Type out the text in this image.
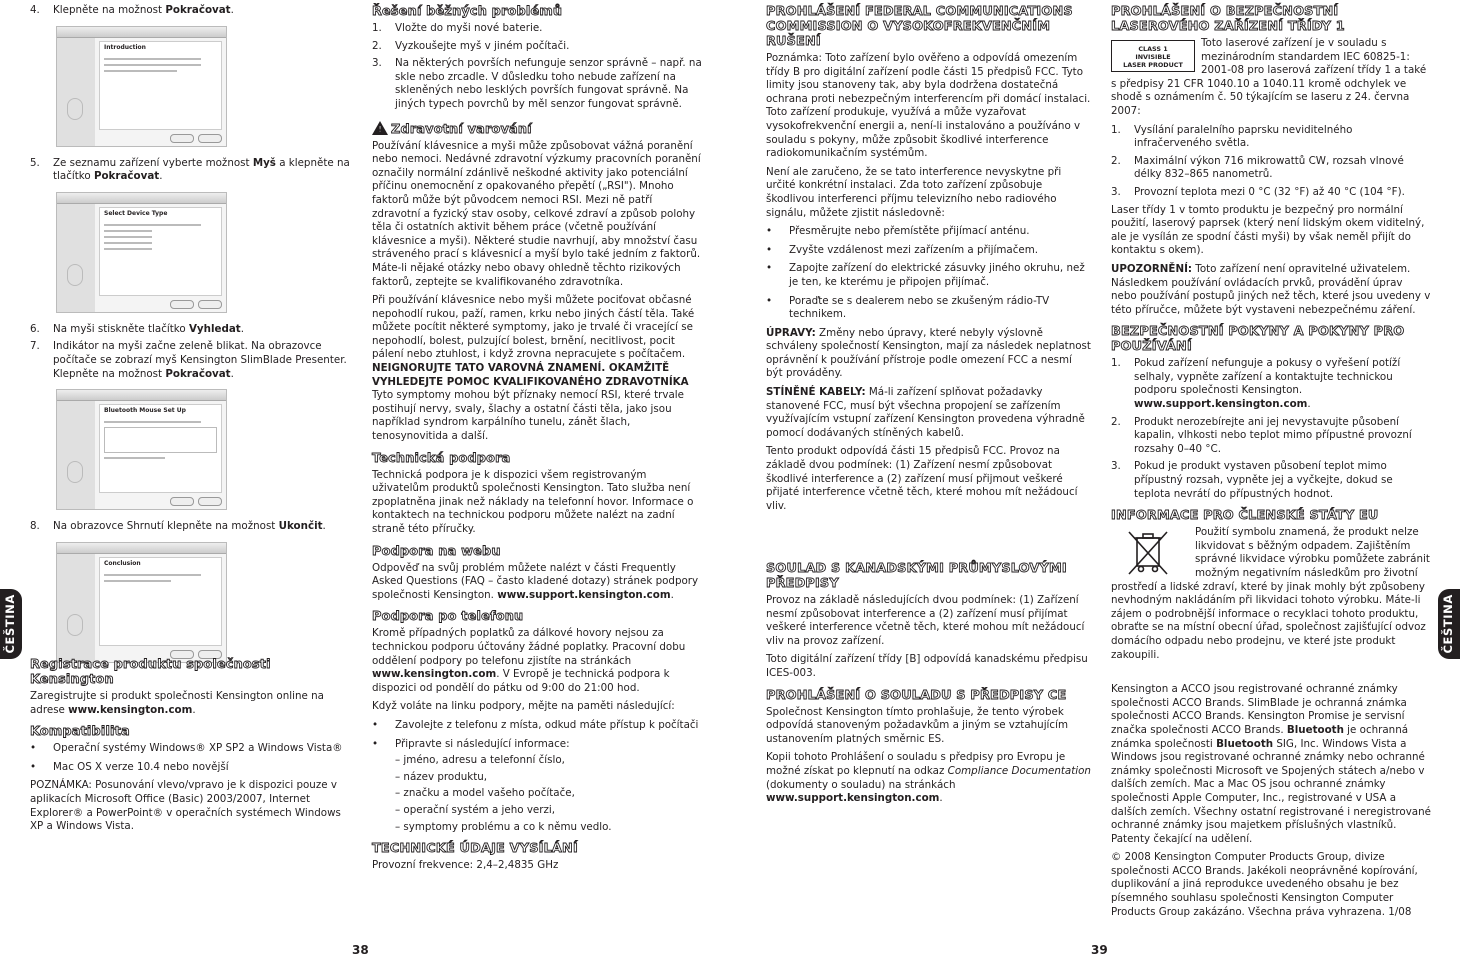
4.	Klepněte na možnost Pokračovat.
Introduction
5.	Ze seznamu zařízení vyberte možnost Myš a klepněte na tlačítko Pokračovat.
Select Device Type
6.	Na myši stiskněte tlačítko Vyhledat.
7.	Indikátor na myši začne zeleně blikat. Na obrazovce počítače se zobrazí myš Kensington SlimBlade Presenter. Klepněte na možnost Pokračovat.
Bluetooth Mouse Set Up
8.	Na obrazovce Shrnutí klepněte na možnost Ukončit.
Conclusion
Registrace produktu společnosti Kensington

Zaregistrujte si produkt společnosti Kensington online na adrese www.kensington.com.

Kompatibilita
•	Operační systémy Windows® XP SP2 a Windows Vista®
•	Mac OS X verze 10.4 nebo novější

POZNÁMKA: Posunování vlevo/vpravo je k dispozici pouze v aplikacích Microsoft Office (Basic) 2003/2007, Internet Explorer® a PowerPoint® v operačních systémech Windows XP a Windows Vista.

Řešení běžných problémů
1.	Vložte do myši nové baterie.
2.	Vyzkoušejte myš v jiném počítači.
3.	Na některých površích nefunguje senzor správně – např. na skle nebo zrcadle. V důsledku toho nebude zařízení na skleněných nebo lesklých površích fungovat správně. Na jiných typech povrchů by měl senzor fungovat správně.
!Zdravotní varování

Používání klávesnice a myši může způsobovat vážná poranění nebo nemoci. Nedávné zdravotní výzkumy pracovních poranění označily normální zdánlivě neškodné aktivity jako potenciální příčinu onemocnění z opakovaného přepětí („RSI"). Mnoho faktorů může být původcem nemoci RSI. Mezi ně patří zdravotní a fyzický stav osoby, celkové zdraví a způsob polohy těla či ostatních aktivit během práce (včetně používání klávesnice a myši). Některé studie navrhují, aby množství času stráveného prací s klávesnicí a myší bylo také jedním z faktorů. Máte-li nějaké otázky nebo obavy ohledně těchto rizikových faktorů, zeptejte se kvalifikovaného zdravotníka.

Při používání klávesnice nebo myši můžete pociťovat občasné nepohodlí rukou, paží, ramen, krku nebo jiných částí těla. Také můžete pocítit některé symptomy, jako je trvalé či vracející se nepohodlí, bolest, pulzující bolest, brnění, necitlivost, pocit pálení nebo ztuhlost, i když zrovna nepracujete s počítačem. NEIGNORUJTE TATO VAROVNÁ ZNAMENÍ. OKAMŽITĚ VYHLEDEJTE POMOC KVALIFIKOVANÉHO ZDRAVOTNÍKA Tyto symptomy mohou být příznaky nemocí RSI, které trvale postihují nervy, svaly, šlachy a ostatní části těla, jako jsou například syndrom karpálního tunelu, zánět šlach, tenosynovitida a další.

Technická podpora

Technická podpora je k dispozici všem registrovaným uživatelům produktů společnosti Kensington. Tato služba není zpoplatněna jinak než náklady na telefonní hovor. Informace o kontaktech na technickou podporu můžete nalézt na zadní straně této příručky.

Podpora na webu

Odpověď na svůj problém můžete nalézt v části Frequently Asked Questions (FAQ – často kladené dotazy) stránek podpory společnosti Kensington. www.support.kensington.com.

Podpora po telefonu

Kromě případných poplatků za dálkové hovory nejsou za technickou podporu účtovány žádné poplatky. Pracovní dobu oddělení podpory po telefonu zjistíte na stránkách www.kensington.com. V Evropě je technická podpora k dispozici od pondělí do pátku od 9:00 do 21:00 hod.

Když voláte na linku podpory, mějte na paměti následující:

•	Zavolejte z telefonu z místa, odkud máte přístup k počítači
•	Připravte si následující informace:
– jméno, adresu a telefonní číslo,
– název produktu,
– značku a model vašeho počítače,
– operační systém a jeho verzi,
– symptomy problému a co k němu vedlo.
TECHNICKÉ ÚDAJE VYSÍLÁNÍ

Provozní frekvence: 2,4–2,4835 GHz

PROHLÁŠENÍ FEDERAL COMMUNICATIONS COMMISSION O VYSOKOFREKVENČNÍM RUŠENÍ

Poznámka: Toto zařízení bylo ověřeno a odpovídá omezením třídy B pro digitální zařízení podle části 15 předpisů FCC. Tyto limity jsou stanoveny tak, aby byla dodržena dostatečná ochrana proti nebezpečným interferencím při domácí instalaci. Toto zařízení produkuje, využívá a může vyzařovat vysokofrekvenční energii a, není-li instalováno a používáno v souladu s pokyny, může způsobit škodlivé interference radiokomunikačním systémům.

Není ale zaručeno, že se tato interference nevyskytne při určité konkrétní instalaci. Zda toto zařízení způsobuje škodlivou interferenci příjmu televizního nebo radiového signálu, můžete zjistit následovně:

•	Přesměrujte nebo přemístěte přijímací anténu.
•	Zvyšte vzdálenost mezi zařízením a přijímačem.
•	Zapojte zařízení do elektrické zásuvky jiného okruhu, než je ten, ke kterému je připojen přijímač.
•	Poraďte se s dealerem nebo se zkušeným rádio-TV technikem.

ÚPRAVY: Změny nebo úpravy, které nebyly výslovně schváleny společností Kensington, mají za následek neplatnost oprávnění k používání přístroje podle omezení FCC a nesmí být prováděny.

STÍNĚNÉ KABELY: Má-li zařízení splňovat požadavky stanovené FCC, musí být všechna propojení se zařízením využívajícím vstupní zařízení Kensington provedena výhradně pomocí dodávaných stíněných kabelů.

Tento produkt odpovídá části 15 předpisů FCC. Provoz na základě dvou podmínek: (1) Zařízení nesmí způsobovat škodlivé interference a (2) zařízení musí přijmout veškeré přijaté interference včetně těch, které mohou mít nežádoucí vliv.

SOULAD S KANADSKÝMI PRŮMYSLOVÝMI PŘEDPISY

Provoz na základě následujících dvou podmínek: (1) Zařízení nesmí způsobovat interference a (2) zařízení musí přijímat veškeré interference včetně těch, které mohou mít nežádoucí vliv na provoz zařízení.

Toto digitální zařízení třídy [B] odpovídá kanadskému předpisu ICES-003.

PROHLÁŠENÍ O SOULADU S PŘEDPISY CE

Společnost Kensington tímto prohlašuje, že tento výrobek odpovídá stanoveným požadavkům a jiným se vztahujícím ustanovením platných směrnic ES.

Kopii tohoto Prohlášení o souladu s předpisy pro Evropu je možné získat po klepnutí na odkaz Compliance Documentation (dokumenty o souladu) na stránkách www.support.kensington.com.

PROHLÁŠENÍ O BEZPEČNOSTNÍ LASEROVÉHO ZAŘÍZENÍ TŘÍDY 1
CLASS 1
INVISIBLE
LASER PRODUCT

Toto laserové zařízení je v souladu s mezinárodním standardem IEC 60825-1: 2001-08 pro laserová zařízení třídy 1 a také s předpisy 21 CFR 1040.10 a 1040.11 kromě odchylek ve shodě s oznámením č. 50 týkajícím se laseru z 24. června 2007:

1.	Vysílání paralelního paprsku neviditelného infračerveného světla.
2.	Maximální výkon 716 mikrowattů CW, rozsah vlnové délky 832–865 nanometrů.
3.	Provozní teplota mezi 0 °C (32 °F) až 40 °C (104 °F).

Laser třídy 1 v tomto produktu je bezpečný pro normální použití, laserový paprsek (který není lidským okem viditelný, ale je vysílán ze spodní části myši) by však neměl přijít do kontaktu s okem).

UPOZORNĚNÍ: Toto zařízení není opravitelné uživatelem. Následkem používání ovládacích prvků, provádění úprav nebo používání postupů jiných než těch, které jsou uvedeny v této příručce, můžete být vystaveni nebezpečnému záření.

BEZPEČNOSTNÍ POKYNY A POKYNY PRO POUŽÍVÁNÍ
1.	Pokud zařízení nefunguje a pokusy o vyřešení potíží selhaly, vypněte zařízení a kontaktujte technickou podporu společnosti Kensington. www.support.kensington.com.
2.	Produkt nerozebírejte ani jej nevystavujte působení kapalin, vlhkosti nebo teplot mimo přípustné provozní rozsahy 0–40 °C.
3.	Pokud je produkt vystaven působení teplot mimo přípustný rozsah, vypněte jej a vyčkejte, dokud se teplota nevrátí do přípustných hodnot.
INFORMACE PRO ČLENSKÉ STÁTY EU

Použití symbolu znamená, že produkt nelze likvidovat s běžným odpadem. Zajištěním správné likvidace výrobku pomůžete zabránit možným negativním následkům pro životní prostředí a lidské zdraví, které by jinak mohly být způsobeny nevhodným nakládáním při likvidaci tohoto výrobku. Máte-li zájem o podrobnější informace o recyklaci tohoto produktu, obraťte se na místní obecní úřad, společnost zajišťující odvoz domácího odpadu nebo prodejnu, ve které jste produkt zakoupili.

Kensington a ACCO jsou registrované ochranné známky společnosti ACCO Brands. SlimBlade je ochranná známka společnosti ACCO Brands. Kensington Promise je servisní značka společnosti ACCO Brands. Bluetooth je ochranná známka společnosti Bluetooth SIG, Inc. Windows Vista a Windows jsou registrované ochranné známky nebo ochranné známky společnosti Microsoft ve Spojených státech a/nebo v dalších zemích. Mac a Mac OS jsou ochranné známky společnosti Apple Computer, Inc., registrované v USA a dalších zemích. Všechny ostatní registrované i neregistrované ochranné známky jsou majetkem příslušných vlastníků. Patenty čekající na udělení.

© 2008 Kensington Computer Products Group, divize společnosti ACCO Brands. Jakékoli neoprávněné kopírování, duplikování a jiná reprodukce uvedeného obsahu je bez písemného souhlasu společnosti Kensington Computer Products Group zakázáno. Všechna práva vyhrazena. 1/08

ČEŠTINA	ČEŠTINA
38	39
